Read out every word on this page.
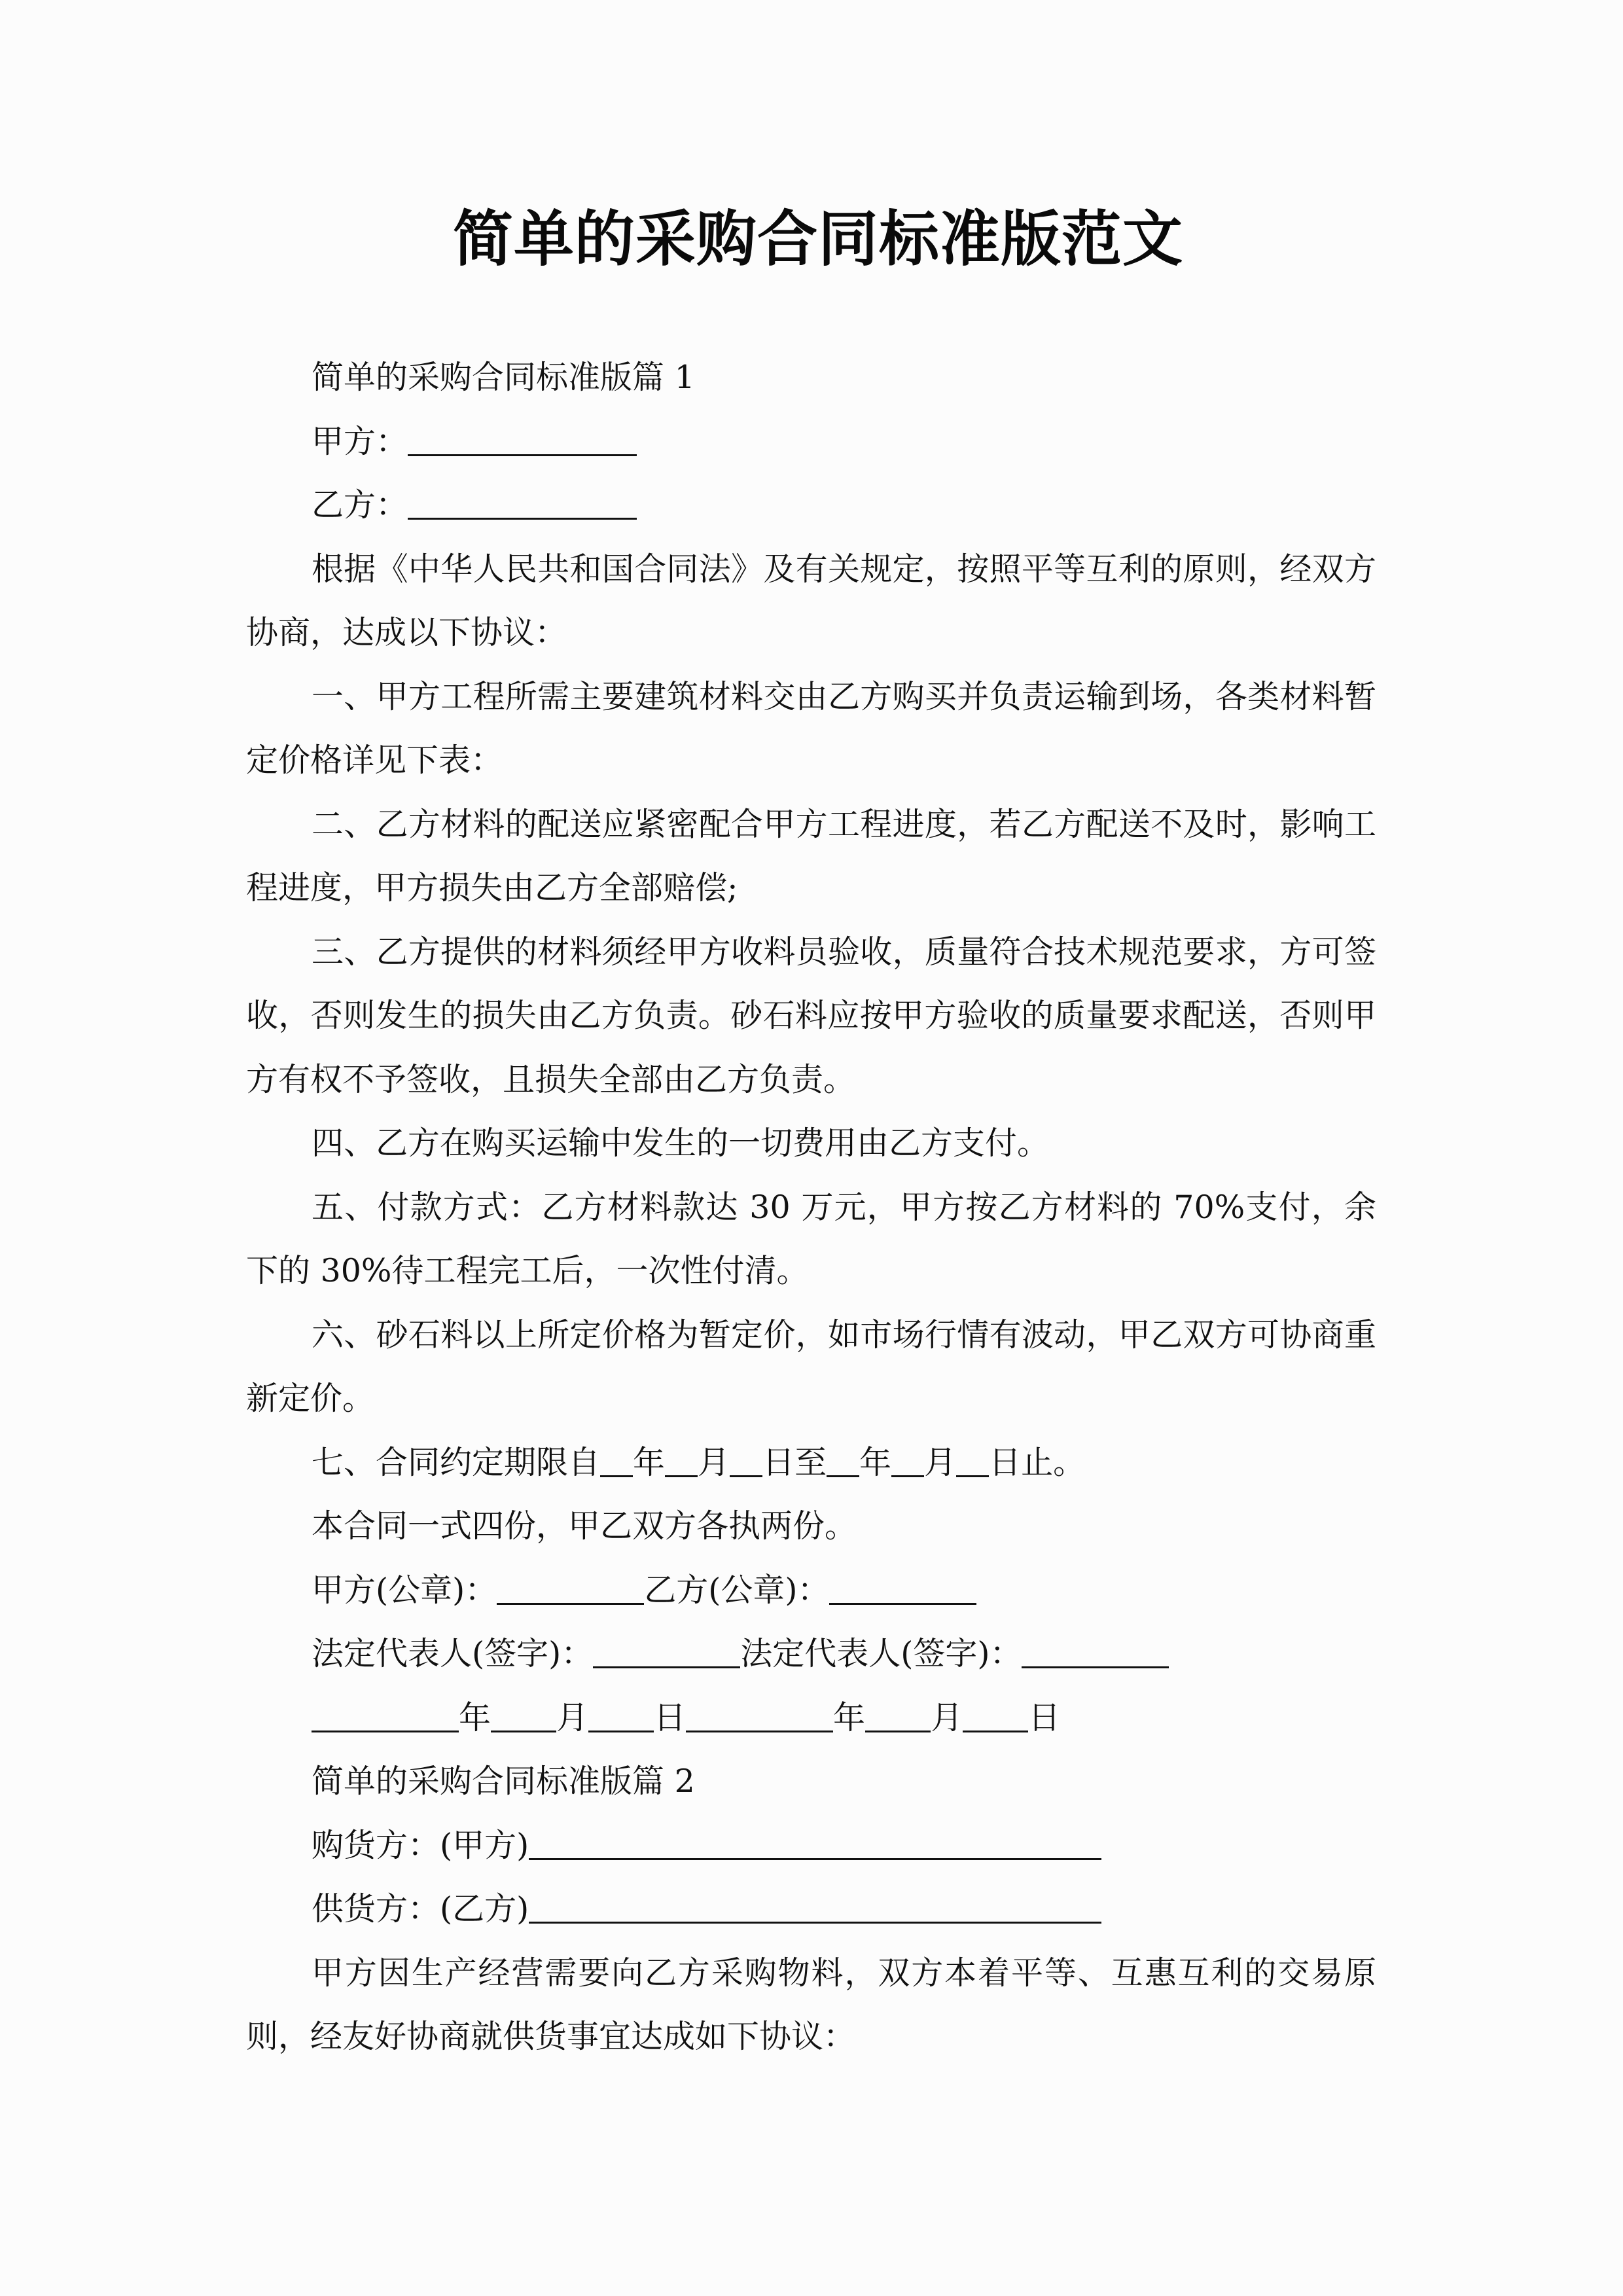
简单的采购合同标准版范文
简单的采购合同标准版篇 1
甲方：
乙方：

根据《中华人民共和国合同法》及有关规定，按照平等互利的原则，经双方协商，达成以下协议：

一、甲方工程所需主要建筑材料交由乙方购买并负责运输到场，各类材料暂定价格详见下表：

二、乙方材料的配送应紧密配合甲方工程进度，若乙方配送不及时，影响工程进度，甲方损失由乙方全部赔偿;

三、乙方提供的材料须经甲方收料员验收，质量符合技术规范要求，方可签收，否则发生的损失由乙方负责。砂石料应按甲方验收的质量要求配送，否则甲方有权不予签收，且损失全部由乙方负责。

四、乙方在购买运输中发生的一切费用由乙方支付。

五、付款方式：乙方材料款达 30 万元，甲方按乙方材料的 70%支付，余下的 30%待工程完工后，一次性付清。

六、砂石料以上所定价格为暂定价，如市场行情有波动，甲乙双方可协商重新定价。

七、合同约定期限自 年 月 日至 年 月 日止。
本合同一式四份，甲乙双方各执两份。
甲方(公章)：	乙方(公章)：
法定代表人(签字)：	法定代表人(签字)：
年 月 日	年 月 日
简单的采购合同标准版篇 2
购货方：(甲方)
供货方：(乙方)

甲方因生产经营需要向乙方采购物料，双方本着平等、互惠互利的交易原则，经友好协商就供货事宜达成如下协议：
